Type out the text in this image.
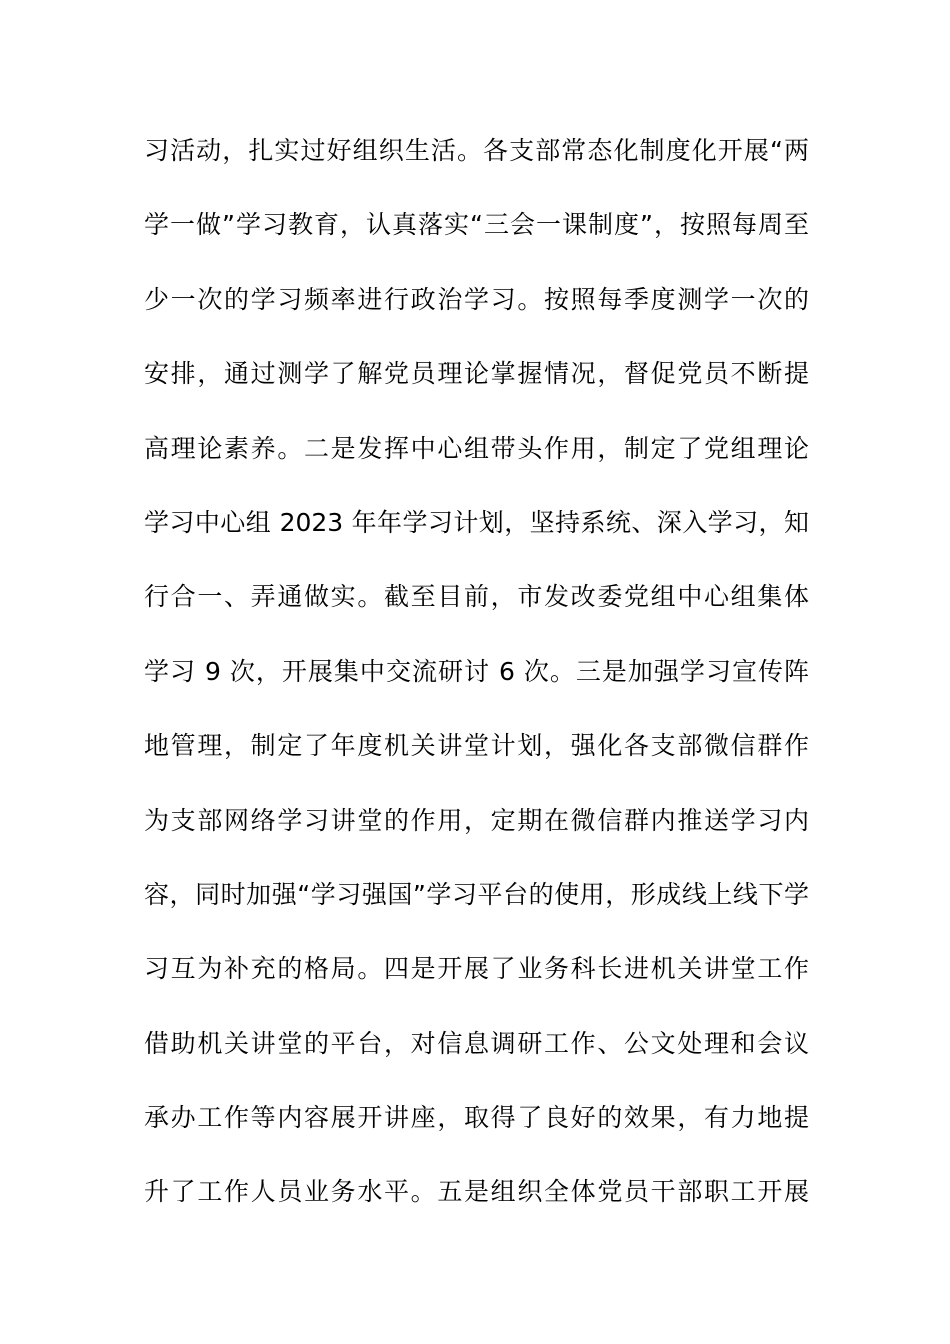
习活动，扎实过好组织生活。各支部常态化制度化开展“两
学一做”学习教育，认真落实“三会一课制度”，按照每周至
少一次的学习频率进行政治学习。按照每季度测学一次的
安排，通过测学了解党员理论掌握情况，督促党员不断提
高理论素养。二是发挥中心组带头作用，制定了党组理论
学习中心组 2023 年年学习计划，坚持系统、深入学习，知
行合一、弄通做实。截至目前，市发改委党组中心组集体
学习 9 次，开展集中交流研讨 6 次。三是加强学习宣传阵
地管理，制定了年度机关讲堂计划，强化各支部微信群作
为支部网络学习讲堂的作用，定期在微信群内推送学习内
容，同时加强“学习强国”学习平台的使用，形成线上线下学
习互为补充的格局。四是开展了业务科长进机关讲堂工作
借助机关讲堂的平台，对信息调研工作、公文处理和会议
承办工作等内容展开讲座，取得了良好的效果，有力地提
升了工作人员业务水平。五是组织全体党员干部职工开展
